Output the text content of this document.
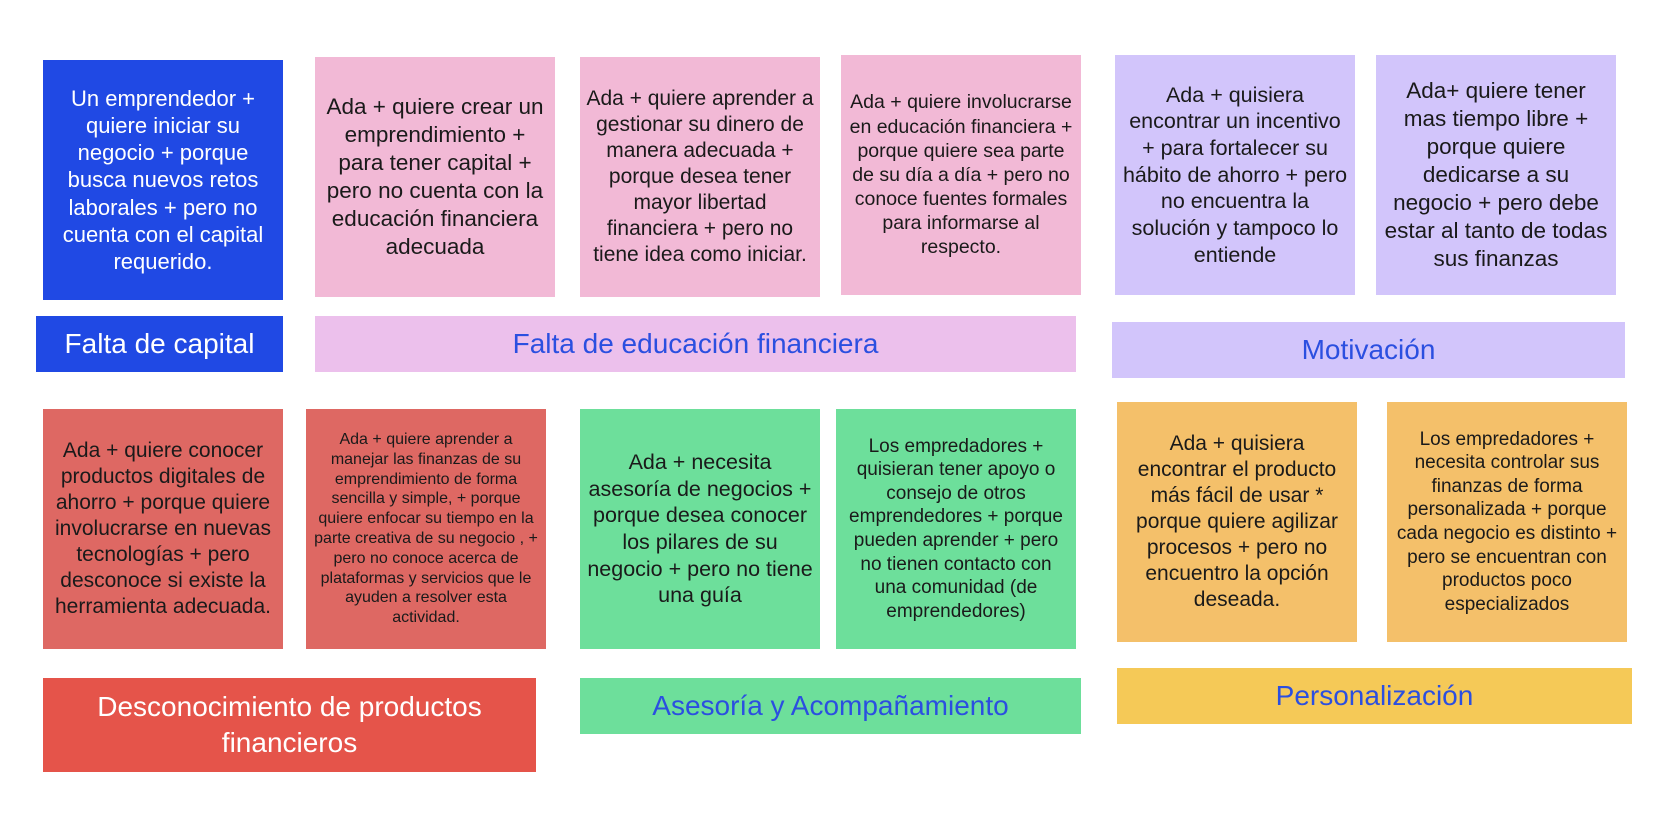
Un emprendedor + quiere iniciar su negocio + porque busca nuevos retos laborales + pero no cuenta con el capital requerido.
Ada + quiere crear un emprendimiento + para tener capital + pero no cuenta con la educación financiera adecuada
Ada + quiere aprender a gestionar su dinero de manera adecuada + porque desea tener mayor libertad financiera + pero no tiene idea como iniciar.
Ada + quiere involucrarse en educación financiera + porque quiere sea parte de su día a día + pero no conoce fuentes formales para informarse al respecto.
Ada + quisiera encontrar un incentivo + para fortalecer su hábito de ahorro + pero no encuentra la solución y tampoco lo entiende
Ada+ quiere tener mas tiempo libre + porque quiere dedicarse a su negocio + pero debe estar al tanto de todas sus finanzas
Falta de capital	Falta de educación financiera	Motivación
Ada + quiere conocer productos digitales de ahorro + porque quiere involucrarse en nuevas tecnologías + pero desconoce si existe la herramienta adecuada.
Ada + quiere aprender a manejar las finanzas de su emprendimiento de forma sencilla y simple, + porque quiere enfocar su tiempo en la parte creativa de su negocio , + pero no conoce acerca de plataformas y servicios que le ayuden a resolver esta actividad.
Ada + necesita asesoría de negocios + porque desea conocer los pilares de su negocio + pero no tiene una guía
Los empredadores + quisieran tener apoyo o consejo de otros emprendedores + porque pueden aprender + pero no tienen contacto con una comunidad (de emprendedores)
Ada + quisiera encontrar el producto más fácil de usar * porque quiere agilizar procesos + pero no encuentro la opción deseada.
Los empredadores + necesita controlar sus finanzas de forma personalizada + porque cada negocio es distinto + pero se encuentran con productos poco especializados
Desconocimiento de productos financieros
Asesoría y Acompañamiento	Personalización
